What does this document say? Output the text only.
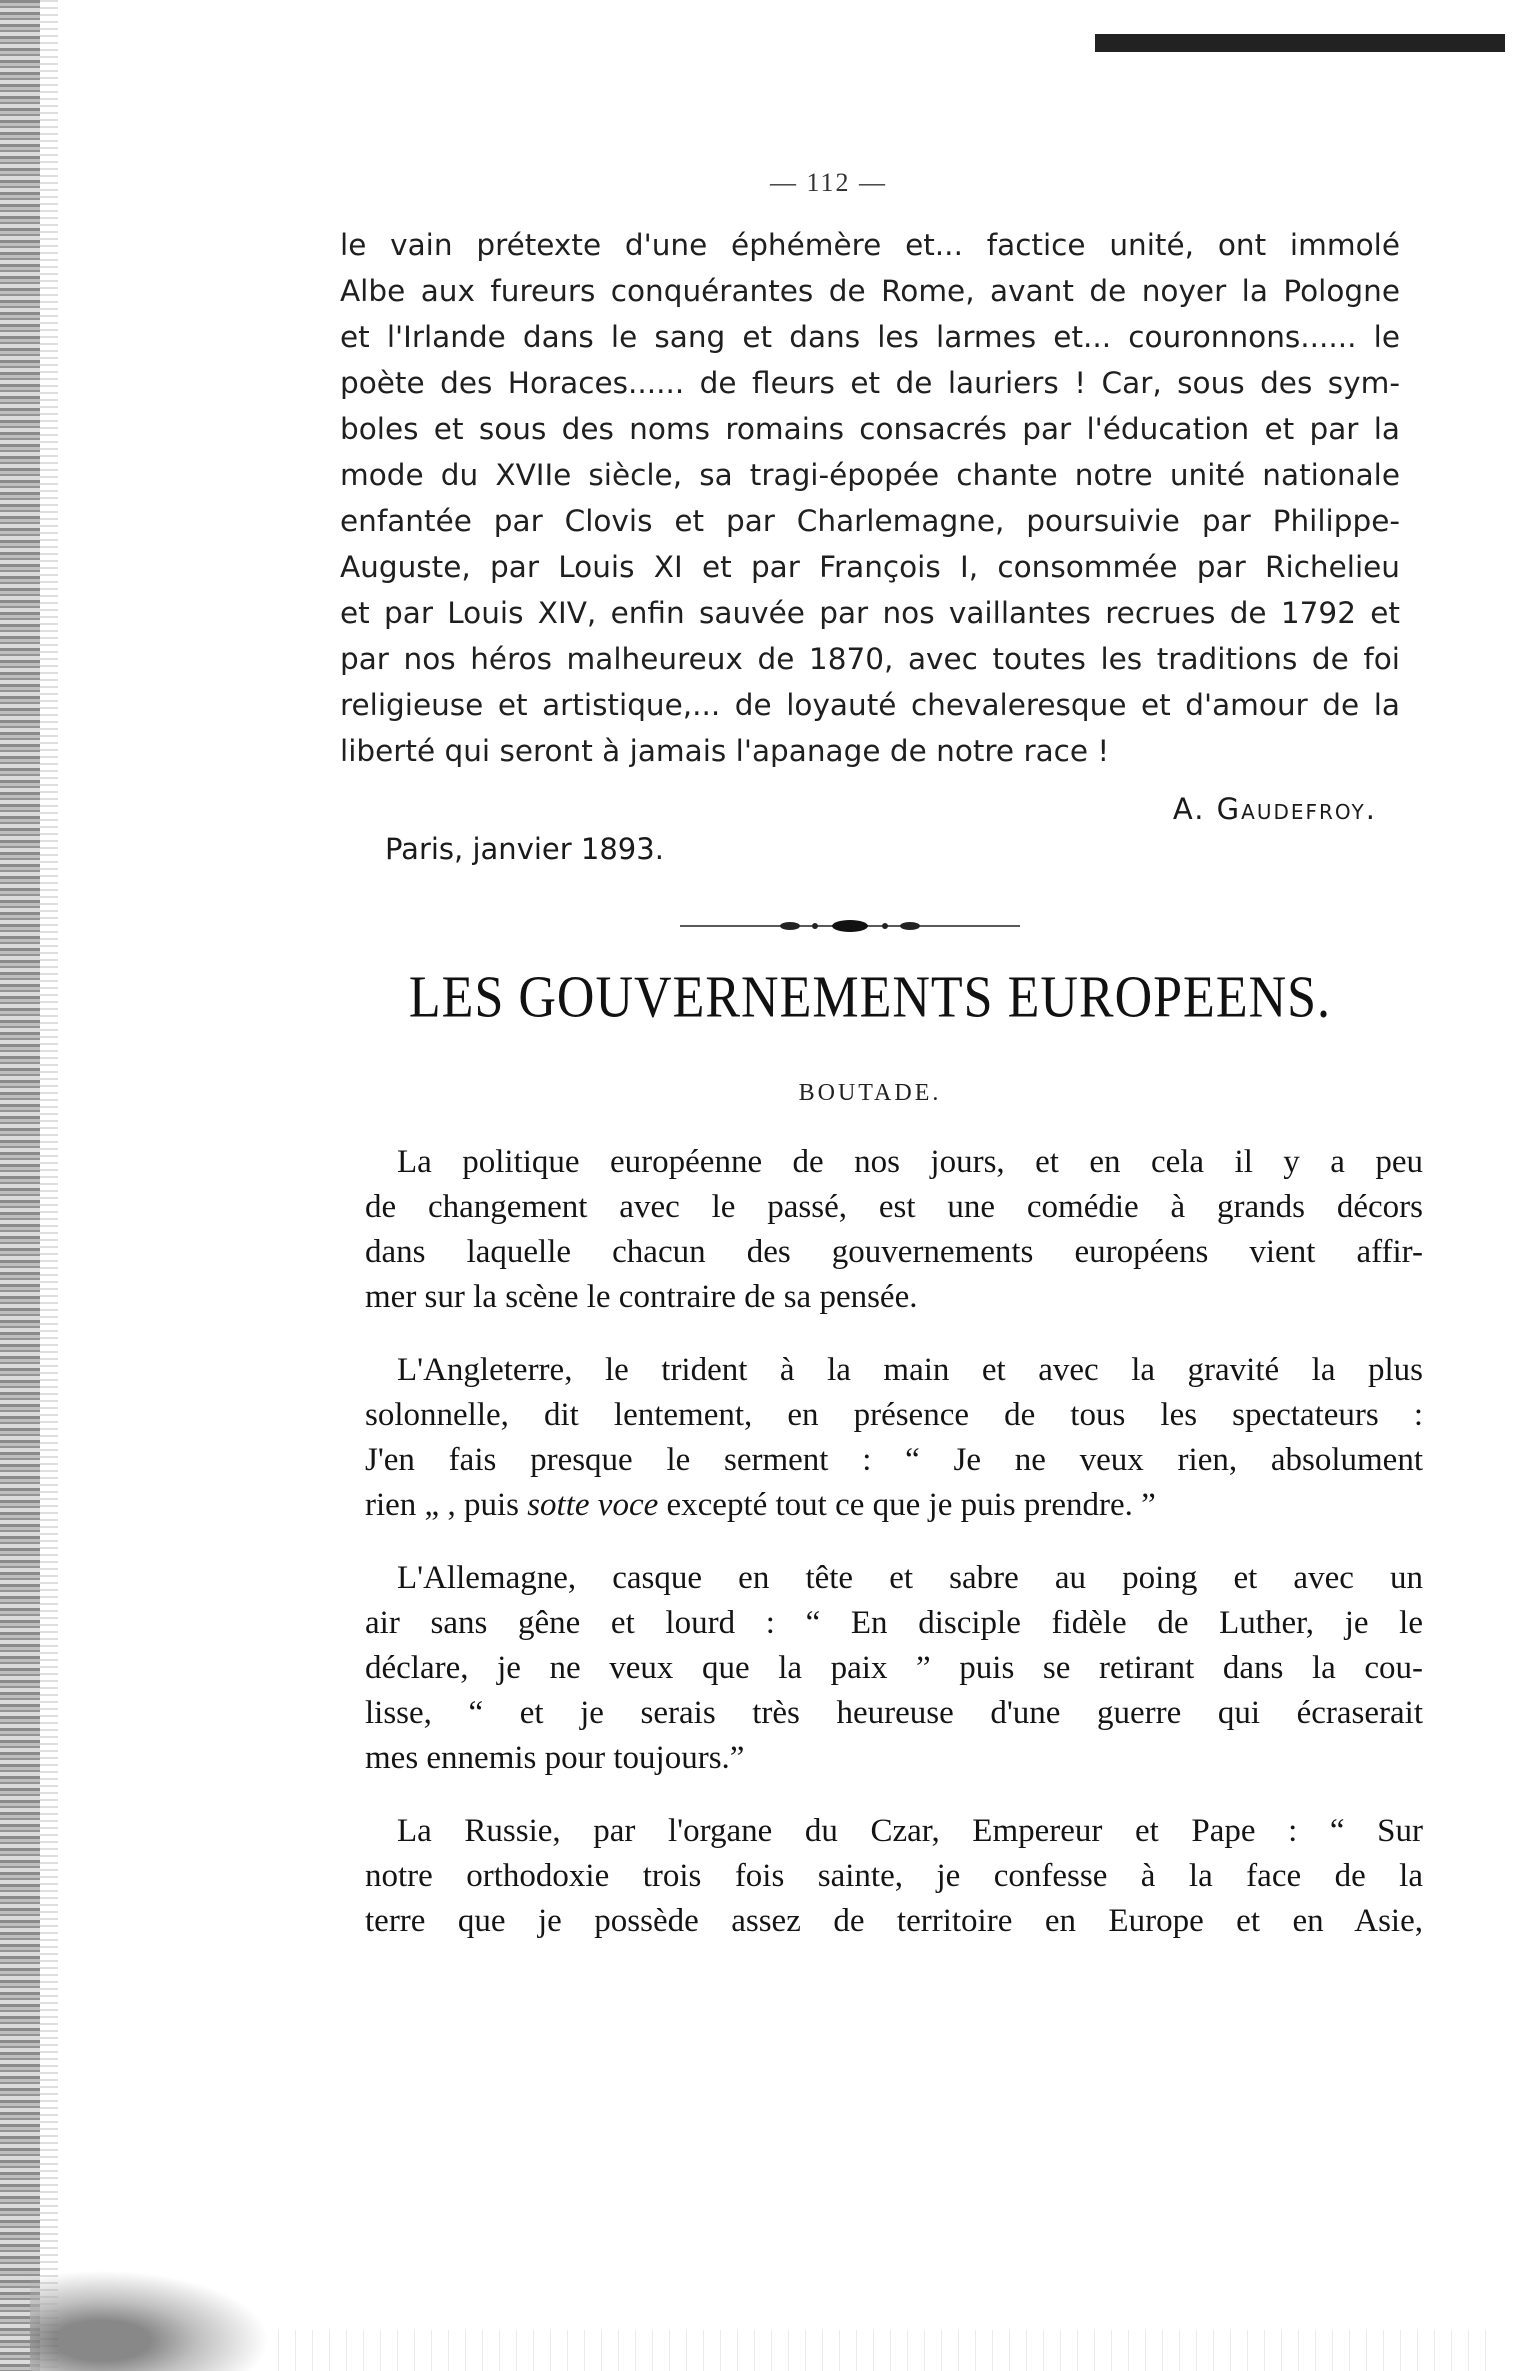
— 112 —
le vain prétexte d'une éphémère et... factice unité, ont immolé
Albe aux fureurs conquérantes de Rome, avant de noyer la Pologne
et l'Irlande dans le sang et dans les larmes et... couronnons...... le
poète des Horaces...... de fleurs et de lauriers ! Car, sous des sym-
boles et sous des noms romains consacrés par l'éducation et par la
mode du XVIIe siècle, sa tragi-épopée chante notre unité nationale
enfantée par Clovis et par Charlemagne, poursuivie par Philippe-
Auguste, par Louis XI et par François I, consommée par Richelieu
et par Louis XIV, enfin sauvée par nos vaillantes recrues de 1792 et
par nos héros malheureux de 1870, avec toutes les traditions de foi
religieuse et artistique,... de loyauté chevaleresque et d'amour de la
liberté qui seront à jamais l'apanage de notre race !
A. Gaudefroy.
Paris, janvier 1893.
LES GOUVERNEMENTS EUROPEENS.
BOUTADE.
La politique européenne de nos jours, et en cela il y a peu
de changement avec le passé, est une comédie à grands décors
dans laquelle chacun des gouvernements européens vient affir-
mer sur la scène le contraire de sa pensée.
L'Angleterre, le trident à la main et avec la gravité la plus
solonnelle, dit lentement, en présence de tous les spectateurs :
J'en fais presque le serment : “ Je ne veux rien, absolument
rien „ , puis sotte voce excepté tout ce que je puis prendre. ”
L'Allemagne, casque en tête et sabre au poing et avec un
air sans gêne et lourd : “ En disciple fidèle de Luther, je le
déclare, je ne veux que la paix ” puis se retirant dans la cou-
lisse, “ et je serais très heureuse d'une guerre qui écraserait
mes ennemis pour toujours.”
La Russie, par l'organe du Czar, Empereur et Pape : “ Sur
notre orthodoxie trois fois sainte, je confesse à la face de la
terre que je possède assez de territoire en Europe et en Asie,
